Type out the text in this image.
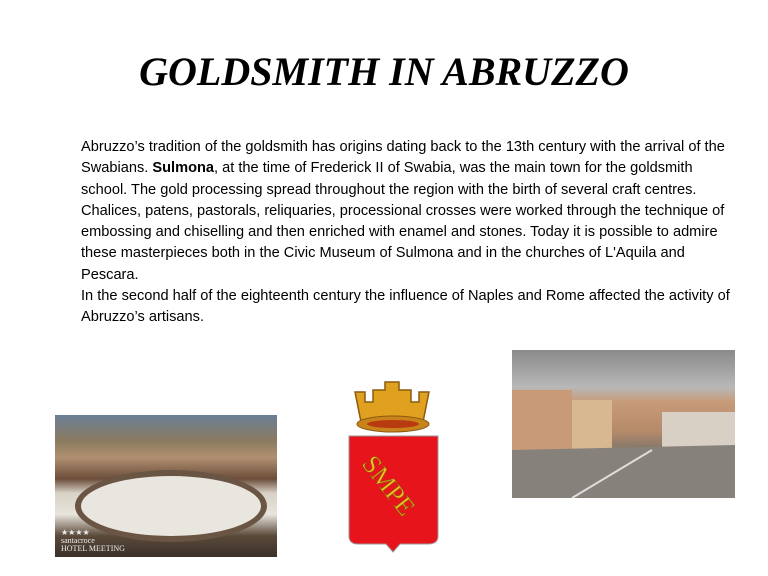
GOLDSMITH IN ABRUZZO

Abruzzo’s tradition of the goldsmith has origins dating back to the 13th century with the arrival of the Swabians. Sulmona, at the time of Frederick II of Swabia, was the main town for the goldsmith school. The gold processing spread throughout the region with the birth of several craft centres. Chalices, patens, pastorals, reliquaries, processional crosses were worked through the technique of embossing and chiselling and then enriched with enamel and stones. Today it is possible to admire these masterpieces both in the Civic Museum of Sulmona and in the churches of L'Aquila and Pescara.

In the second half of the eighteenth century the influence of Naples and Rome affected the activity of Abruzzo’s artisans.

★★★★
santacroce
HOTEL MEETING
SMPE
